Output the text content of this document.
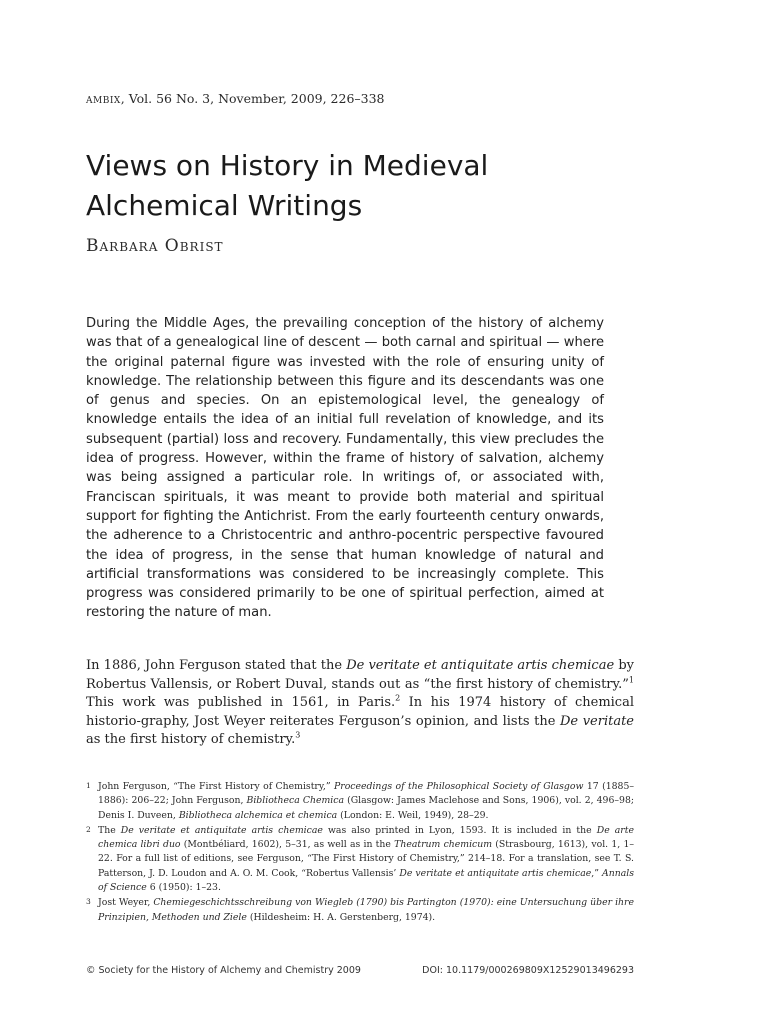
ambix, Vol. 56 No. 3, November, 2009, 226–338
Views on History in Medieval Alchemical Writings
Barbara Obrist

During the Middle Ages, the prevailing conception of the history of alchemy was that of a genealogical line of descent — both carnal and spiritual — where the original paternal figure was invested with the role of ensuring unity of knowledge. The relationship between this figure and its descendants was one of genus and species. On an epistemological level, the genealogy of knowledge entails the idea of an initial full revelation of knowledge, and its subsequent (partial) loss and recovery. Fundamentally, this view precludes the idea of progress. However, within the frame of history of salvation, alchemy was being assigned a particular role. In writings of, or associated with, Franciscan spirituals, it was meant to provide both material and spiritual support for fighting the Antichrist. From the early fourteenth century onwards, the adherence to a Christocentric and anthro-pocentric perspective favoured the idea of progress, in the sense that human knowledge of natural and artificial transformations was considered to be increasingly complete. This progress was considered primarily to be one of spiritual perfection, aimed at restoring the nature of man.

In 1886, John Ferguson stated that the De veritate et antiquitate artis chemicae by Robertus Vallensis, or Robert Duval, stands out as “the first history of chemistry.”$^1$ This work was published in 1561, in Paris.$^2$ In his 1974 history of chemical historio-graphy, Jost Weyer reiterates Ferguson’s opinion, and lists the De veritate as the first history of chemistry.$^3$

1 John Ferguson, “The First History of Chemistry,” Proceedings of the Philosophical Society of Glasgow 17 (1885–1886): 206–22; John Ferguson, Bibliotheca Chemica (Glasgow: James Maclehose and Sons, 1906), vol. 2, 496–98; Denis I. Duveen, Bibliotheca alchemica et chemica (London: E. Weil, 1949), 28–29.

2 The De veritate et antiquitate artis chemicae was also printed in Lyon, 1593. It is included in the De arte chemica libri duo (Montbéliard, 1602), 5–31, as well as in the Theatrum chemicum (Strasbourg, 1613), vol. 1, 1–22. For a full list of editions, see Ferguson, “The First History of Chemistry,” 214–18. For a translation, see T. S. Patterson, J. D. Loudon and A. O. M. Cook, “Robertus Vallensis’ De veritate et antiquitate artis chemicae,” Annals of Science 6 (1950): 1–23.

3 Jost Weyer, Chemiegeschichtsschreibung von Wiegleb (1790) bis Partington (1970): eine Untersuchung über ihre Prinzipien, Methoden und Ziele (Hildesheim: H. A. Gerstenberg, 1974).

© Society for the History of Alchemy and Chemistry 2009	DOI: 10.1179/000269809X12529013496293
